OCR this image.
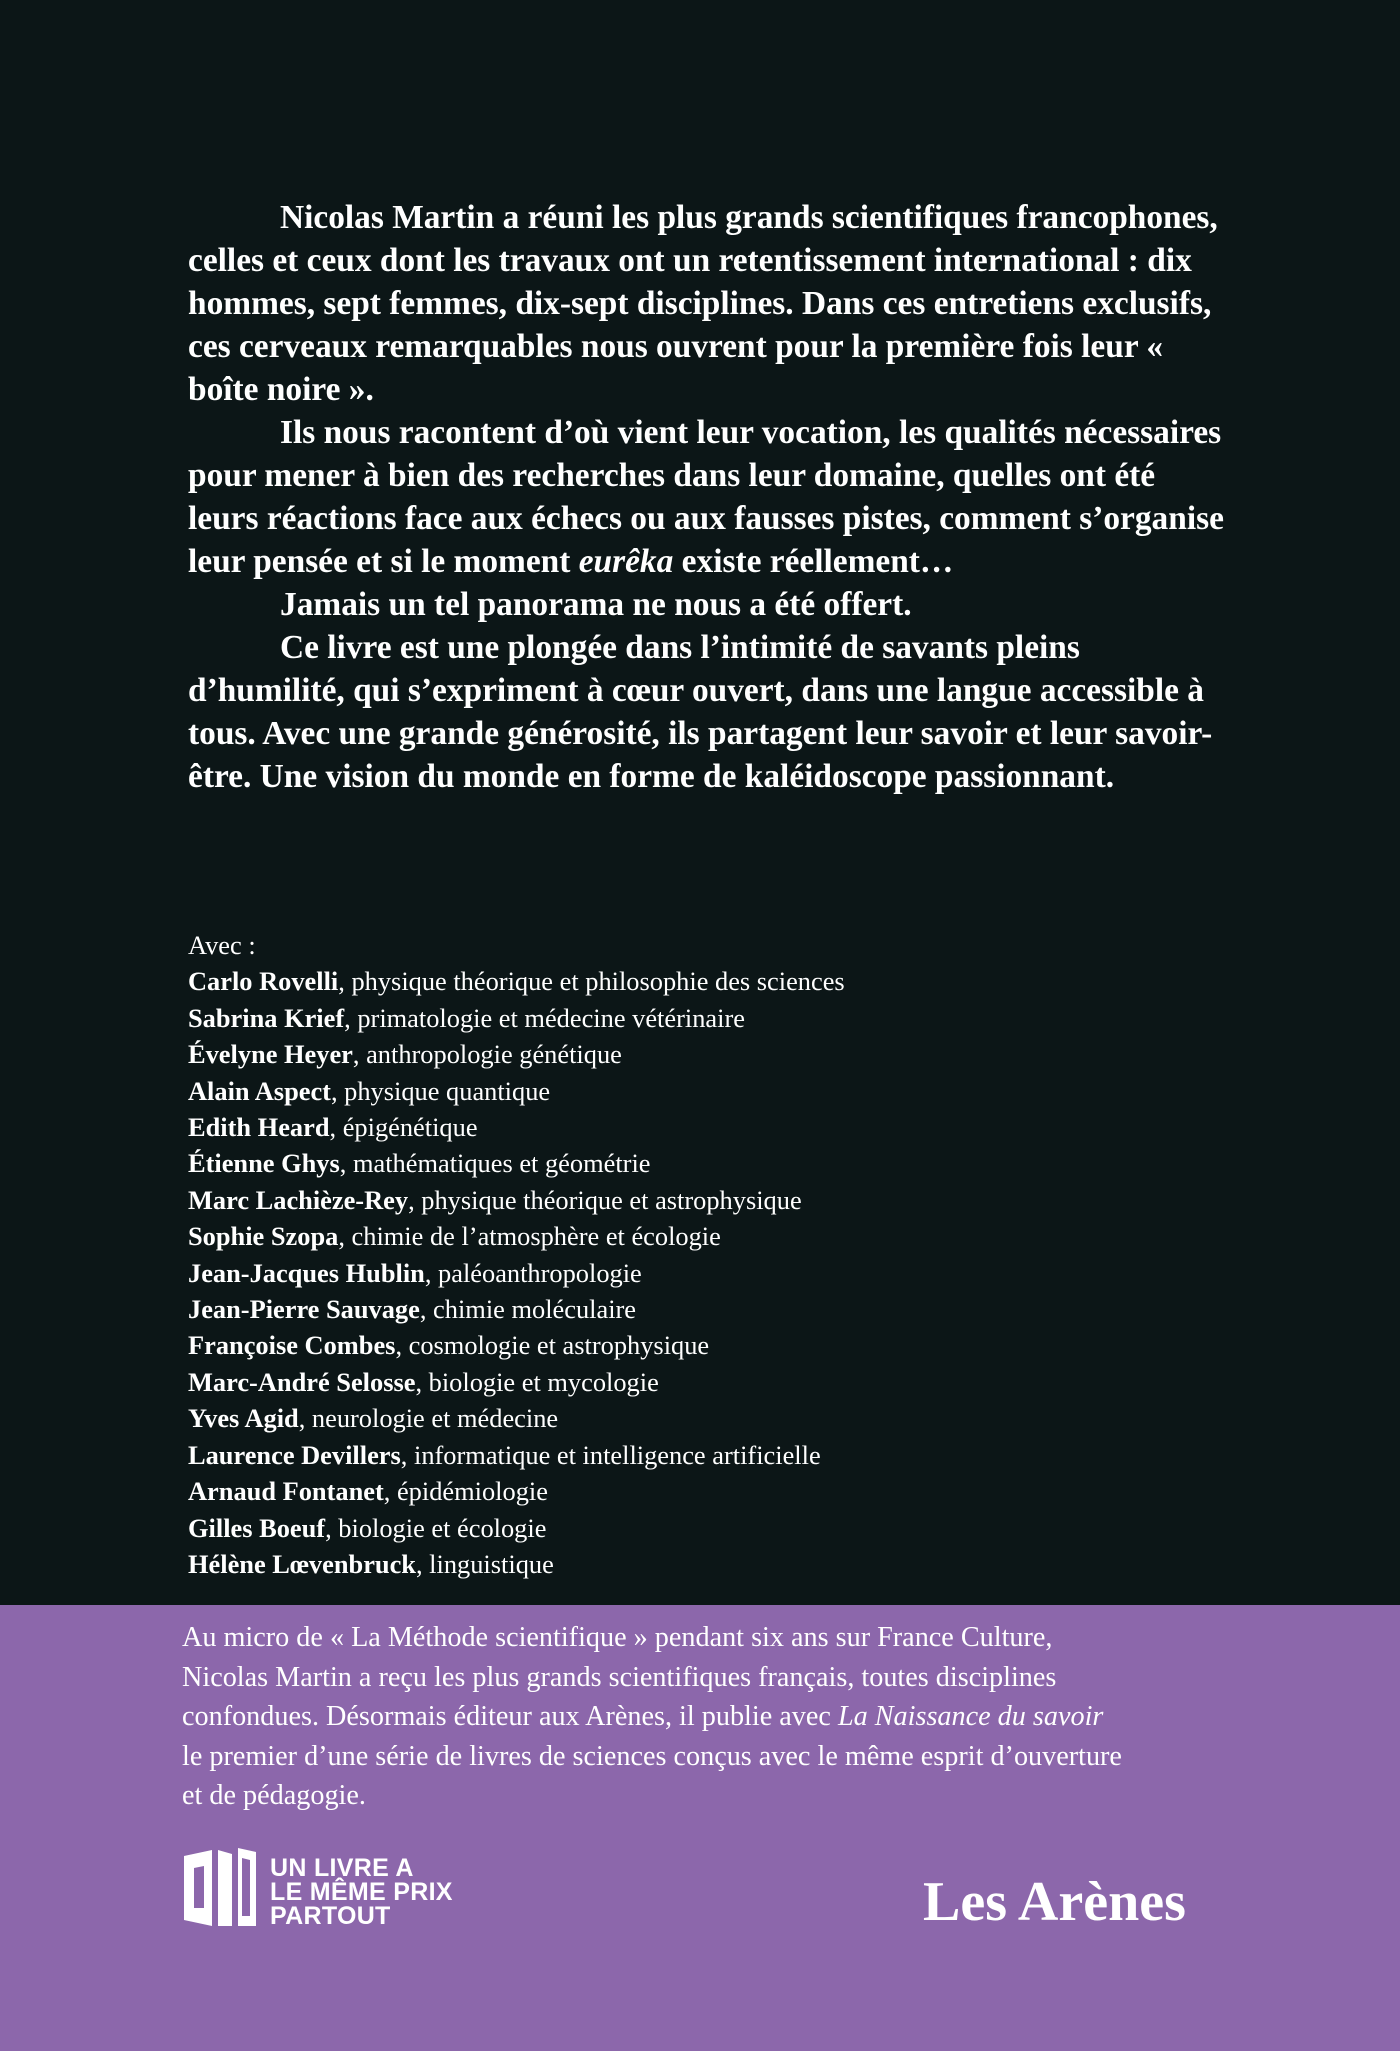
Nicolas Martin a réuni les plus grands scientifiques francophones, celles et ceux dont les travaux ont un retentissement international : dix hommes, sept femmes, dix-sept disciplines. Dans ces entretiens exclusifs, ces cerveaux remarquables nous ouvrent pour la première fois leur « boîte noire ».

Ils nous racontent d’où vient leur vocation, les qualités nécessaires pour mener à bien des recherches dans leur domaine, quelles ont été leurs réactions face aux échecs ou aux fausses pistes, comment s’organise leur pensée et si le moment eurêka existe réellement…

Jamais un tel panorama ne nous a été offert.

Ce livre est une plongée dans l’intimité de savants pleins d’humilité, qui s’expriment à cœur ouvert, dans une langue accessible à tous. Avec une grande générosité, ils partagent leur savoir et leur savoir-être. Une vision du monde en forme de kaléidoscope passionnant.

Avec :
Carlo Rovelli, physique théorique et philosophie des sciences
Sabrina Krief, primatologie et médecine vétérinaire
Évelyne Heyer, anthropologie génétique
Alain Aspect, physique quantique
Edith Heard, épigénétique
Étienne Ghys, mathématiques et géométrie
Marc Lachièze-Rey, physique théorique et astrophysique
Sophie Szopa, chimie de l’atmosphère et écologie
Jean-Jacques Hublin, paléoanthropologie
Jean-Pierre Sauvage, chimie moléculaire
Françoise Combes, cosmologie et astrophysique
Marc-André Selosse, biologie et mycologie
Yves Agid, neurologie et médecine
Laurence Devillers, informatique et intelligence artificielle
Arnaud Fontanet, épidémiologie
Gilles Boeuf, biologie et écologie
Hélène Lœvenbruck, linguistique

Au micro de « La Méthode scientifique » pendant six ans sur France Culture,

Nicolas Martin a reçu les plus grands scientifiques français, toutes disciplines

confondues. Désormais éditeur aux Arènes, il publie avec La Naissance du savoir

le premier d’une série de livres de sciences conçus avec le même esprit d’ouverture

et de pédagogie.

UN LIVRE A
LE MÊME PRIX
PARTOUT	Les Arènes
